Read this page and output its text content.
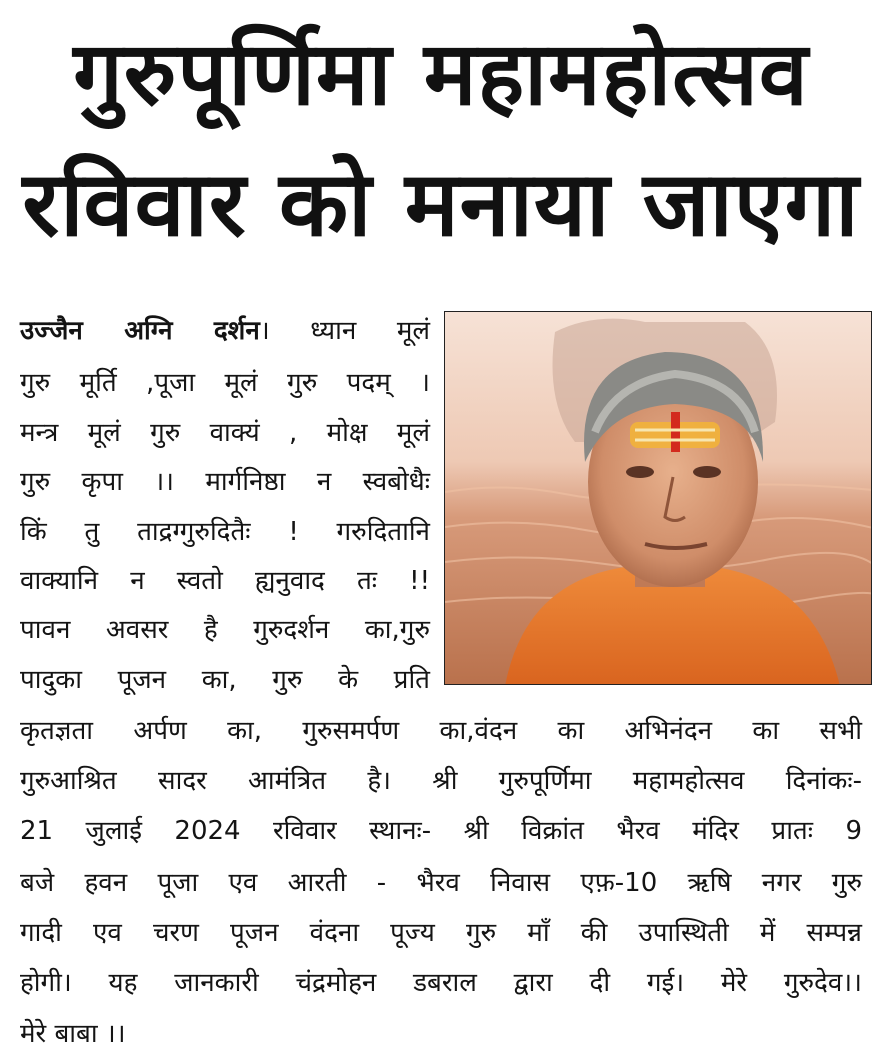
गुरुपूर्णिमा महामहोत्सव
रविवार को मनाया जाएगा
उज्जैन अग्नि दर्शन। ध्यान मूलं
गुरु मूर्ति ,पूजा मूलं गुरु पदम् ।
मन्त्र मूलं गुरु वाक्यं , मोक्ष मूलं
गुरु कृपा ।। मार्गनिष्ठा न स्वबोधैः
किं तु ताद्रग्गुरुदितैः ! गरुदितानि
वाक्यानि न स्वतो ह्यनुवाद तः !!
पावन अवसर है गुरुदर्शन का,गुरु
पादुका पूजन का, गुरु के प्रति
कृतज्ञता अर्पण का, गुरुसमर्पण का,वंदन का अभिनंदन का सभी
गुरुआश्रित सादर आमंत्रित है। श्री गुरुपूर्णिमा महामहोत्सव दिनांकः-
21 जुलाई 2024 रविवार स्थानः- श्री विक्रांत भैरव मंदिर प्रातः 9
बजे हवन पूजा एव आरती - भैरव निवास एफ़-10 ऋषि नगर गुरु
गादी एव चरण पूजन वंदना पूज्य गुरु माँ की उपास्थिती में सम्पन्न
होगी। यह जानकारी चंद्रमोहन डबराल द्वारा दी गई। मेरे गुरुदेव।।
मेरे बाबा ।।
